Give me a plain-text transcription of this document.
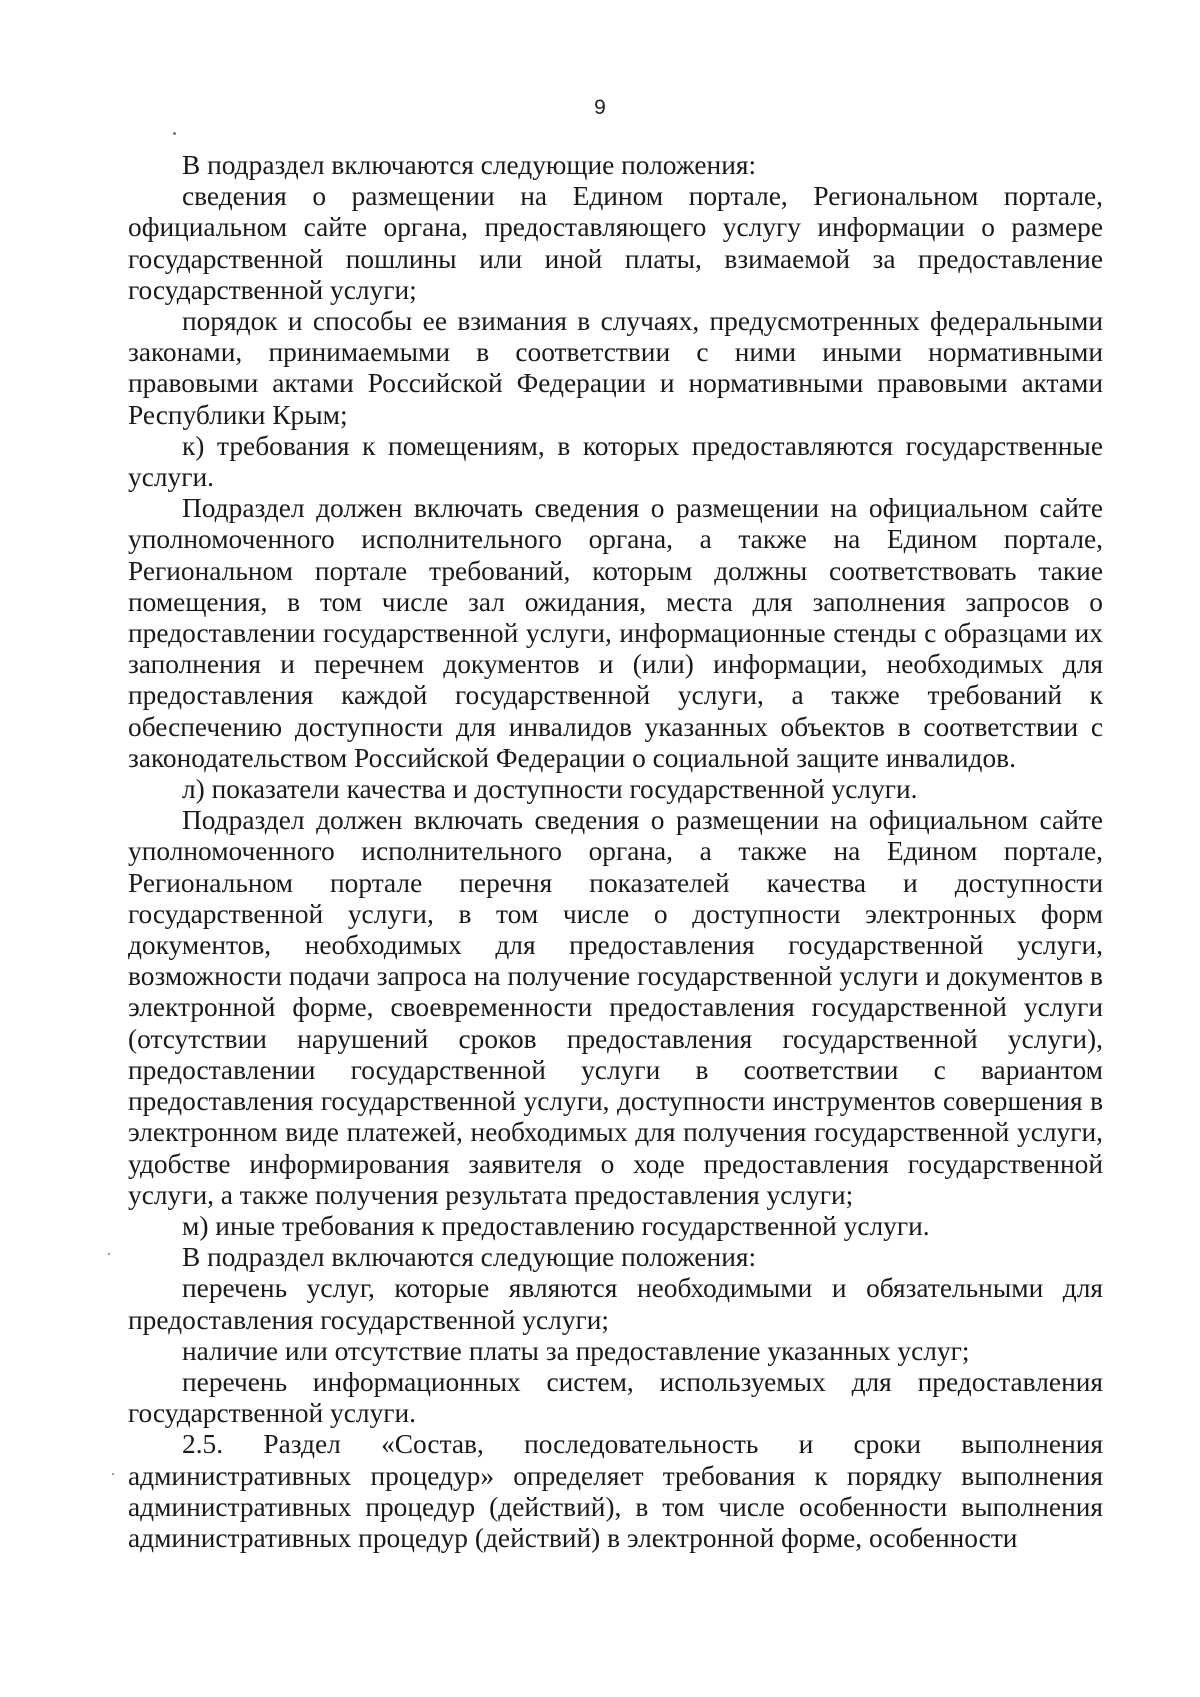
9

В подраздел включаются следующие положения:

сведения о размещении на Едином портале, Региональном портале, официальном сайте органа, предоставляющего услугу информации о размере государственной пошлины или иной платы, взимаемой за предоставление государственной услуги;

порядок и способы ее взимания в случаях, предусмотренных федеральными законами, принимаемыми в соответствии с ними иными нормативными правовыми актами Российской Федерации и нормативными правовыми актами Республики Крым;

к) требования к помещениям, в которых предоставляются государственные услуги.

Подраздел должен включать сведения о размещении на официальном сайте уполномоченного исполнительного органа, а также на Едином портале, Региональном портале требований, которым должны соответствовать такие помещения, в том числе зал ожидания, места для заполнения запросов о предоставлении государственной услуги, информационные стенды с образцами их заполнения и перечнем документов и (или) информации, необходимых для предоставления каждой государственной услуги, а также требований к обеспечению доступности для инвалидов указанных объектов в соответствии с законодательством Российской Федерации о социальной защите инвалидов.

л) показатели качества и доступности государственной услуги.

Подраздел должен включать сведения о размещении на официальном сайте уполномоченного исполнительного органа, а также на Едином портале, Региональном портале перечня показателей качества и доступности государственной услуги, в том числе о доступности электронных форм документов, необходимых для предоставления государственной услуги, возможности подачи запроса на получение государственной услуги и документов в электронной форме, своевременности предоставления государственной услуги (отсутствии нарушений сроков предоставления государственной услуги), предоставлении государственной услуги в соответствии с вариантом предоставления государственной услуги, доступности инструментов совершения в электронном виде платежей, необходимых для получения государственной услуги, удобстве информирования заявителя о ходе предоставления государственной услуги, а также получения результата предоставления услуги;

м) иные требования к предоставлению государственной услуги.

В подраздел включаются следующие положения:

перечень услуг, которые являются необходимыми и обязательными для предоставления государственной услуги;

наличие или отсутствие платы за предоставление указанных услуг;

перечень информационных систем, используемых для предоставления государственной услуги.

2.5. Раздел «Состав, последовательность и сроки выполнения административных процедур» определяет требования к порядку выполнения административных процедур (действий), в том числе особенности выполнения административных процедур (действий) в электронной форме, особенности
